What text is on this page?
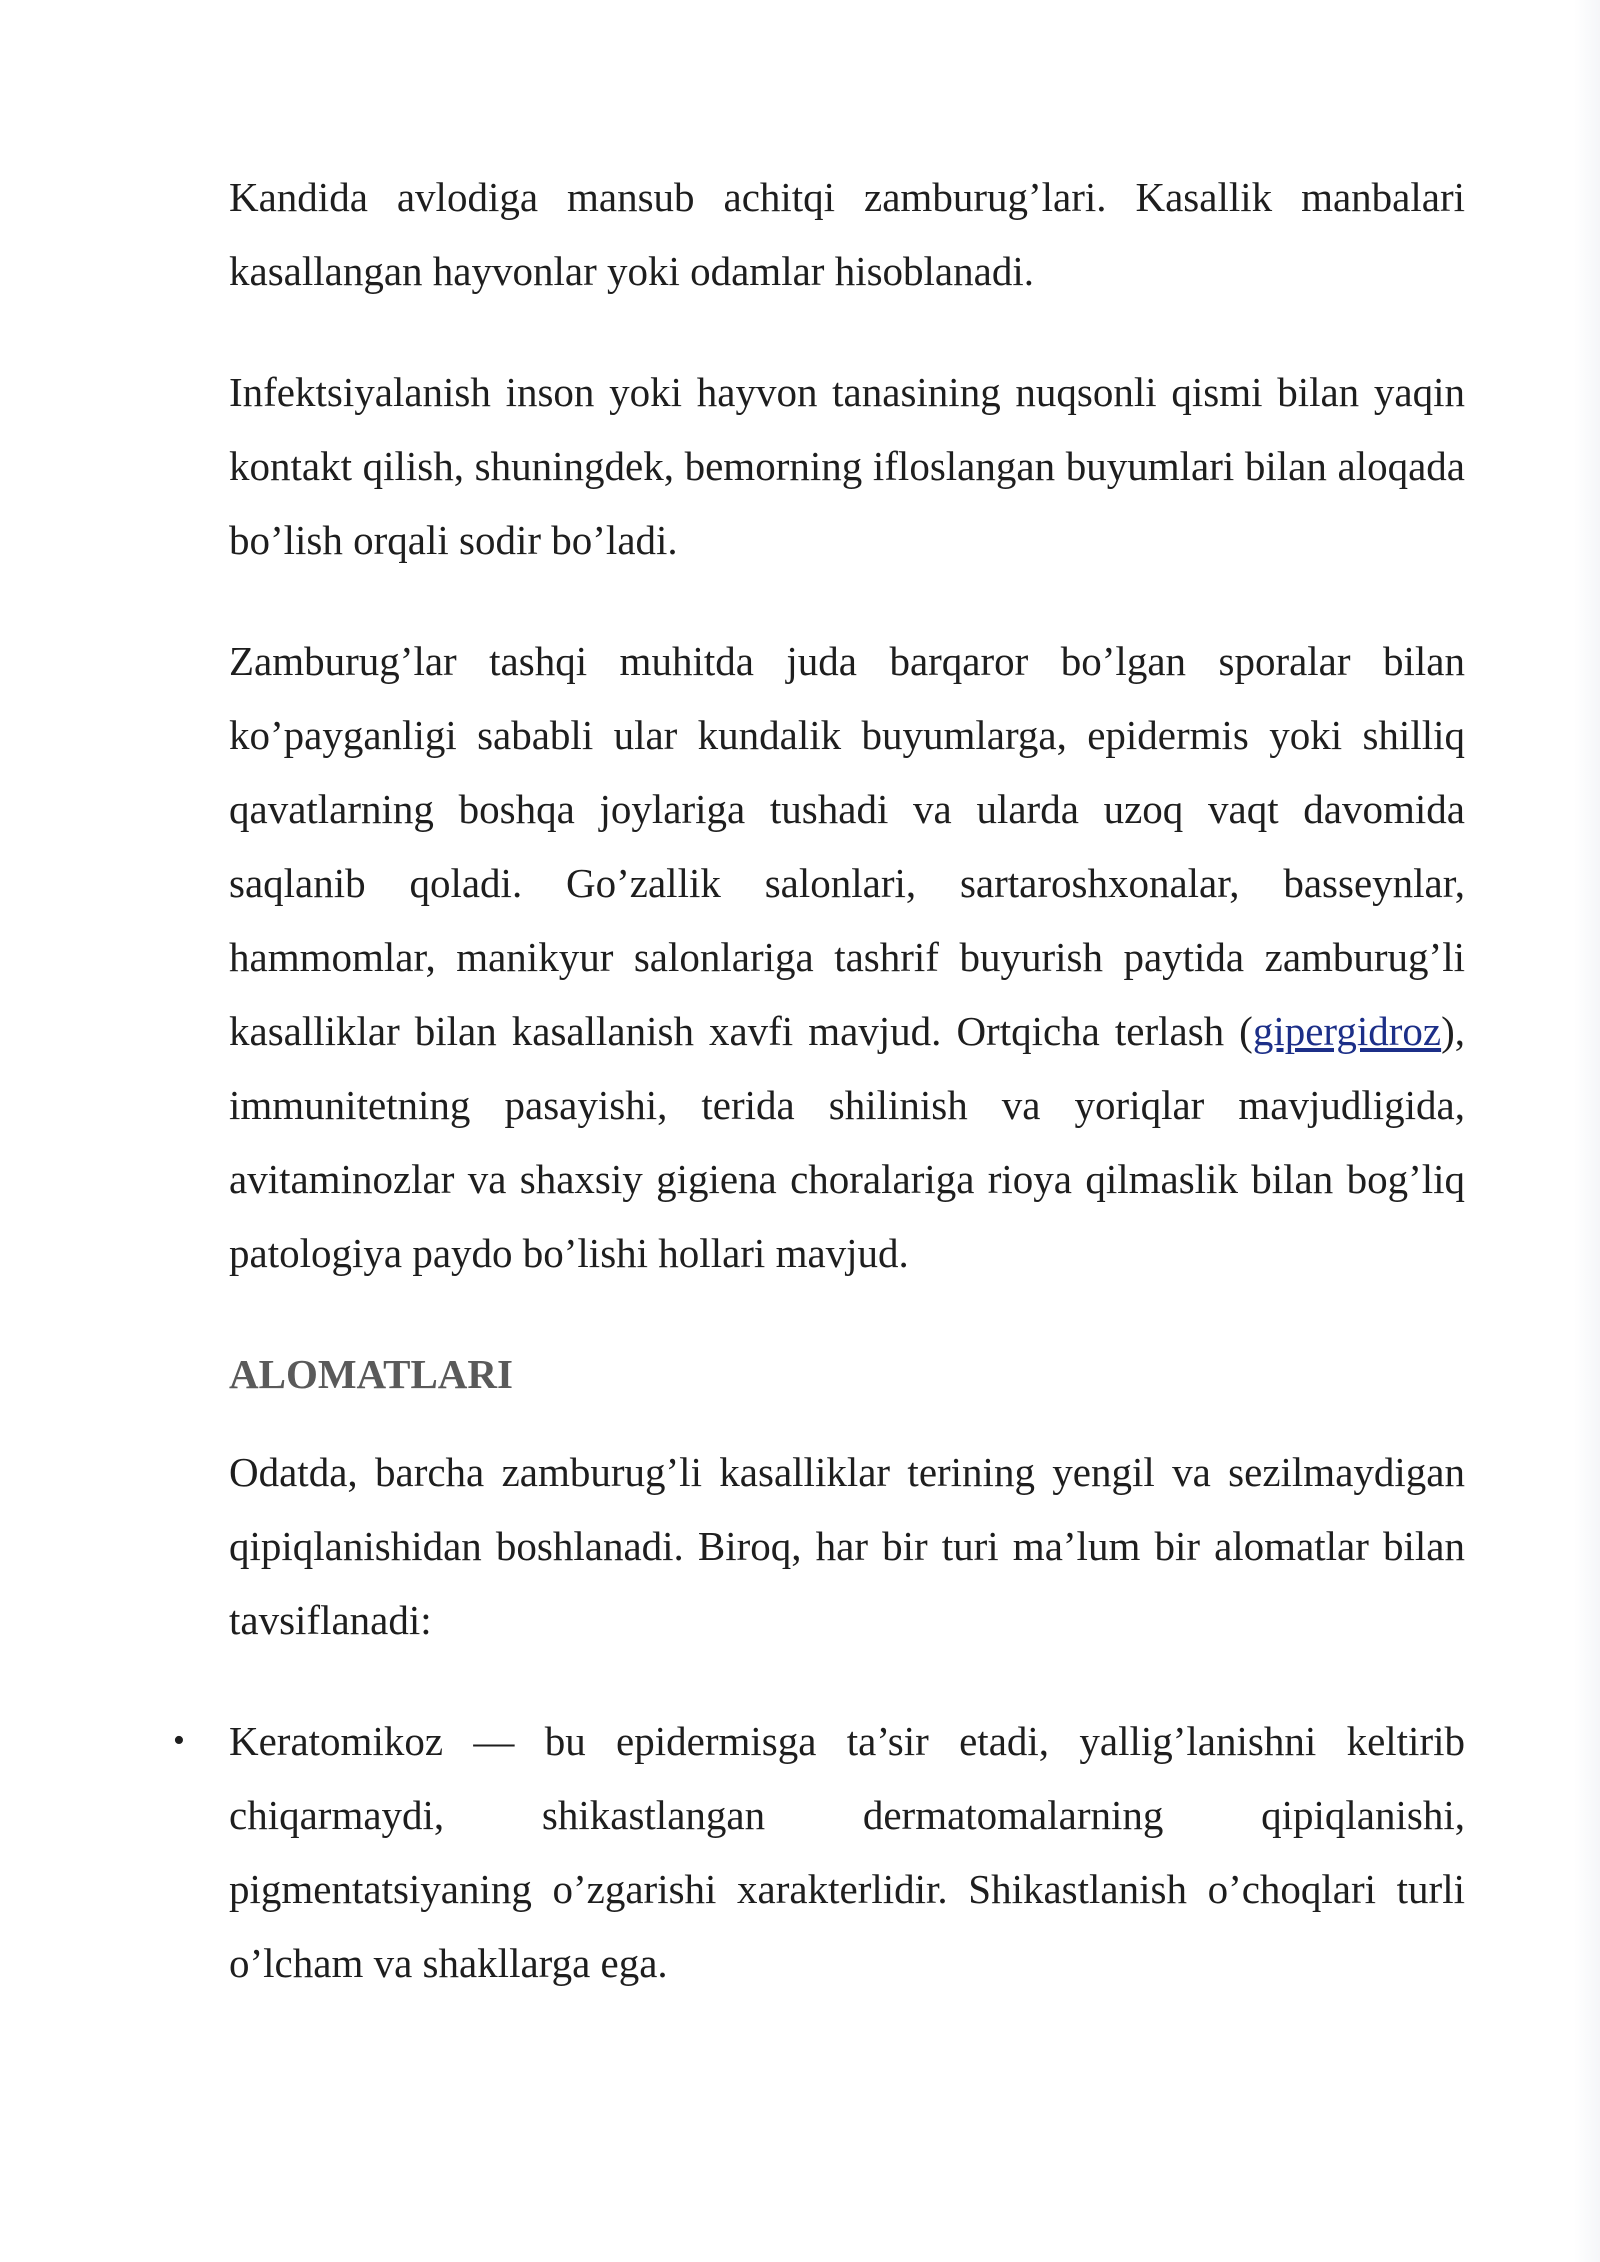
Kandida avlodiga mansub achitqi zamburug’lari. Kasallik manbalari kasallangan hayvonlar yoki odamlar hisoblanadi.

Infektsiyalanish inson yoki hayvon tanasining nuqsonli qismi bilan yaqin kontakt qilish, shuningdek, bemorning ifloslangan buyumlari bilan aloqada bo’lish orqali sodir bo’ladi.

Zamburug’lar tashqi muhitda juda barqaror bo’lgan sporalar bilan ko’payganligi sababli ular kundalik buyumlarga, epidermis yoki shilliq qavatlarning boshqa joylariga tushadi va ularda uzoq vaqt davomida saqlanib qoladi. Go’zallik salonlari, sartaroshxonalar, basseynlar, hammomlar, manikyur salonlariga tashrif buyurish paytida zamburug’li kasalliklar bilan kasallanish xavfi mavjud. Ortqicha terlash (gipergidroz), immunitetning pasayishi, terida shilinish va yoriqlar mavjudligida, avitaminozlar va shaxsiy gigiena choralariga rioya qilmaslik bilan bog’liq patologiya paydo bo’lishi hollari mavjud.

ALOMATLARI

Odatda, barcha zamburug’li kasalliklar terining yengil va sezilmaydigan qipiqlanishidan boshlanadi. Biroq, har bir turi ma’lum bir alomatlar bilan tavsiflanadi:

• Keratomikoz — bu epidermisga ta’sir etadi, yallig’lanishni keltirib chiqarmaydi, shikastlangan dermatomalarning qipiqlanishi, pigmentatsiyaning o’zgarishi xarakterlidir. Shikastlanish o’choqlari turli o’lcham va shakllarga ega.
